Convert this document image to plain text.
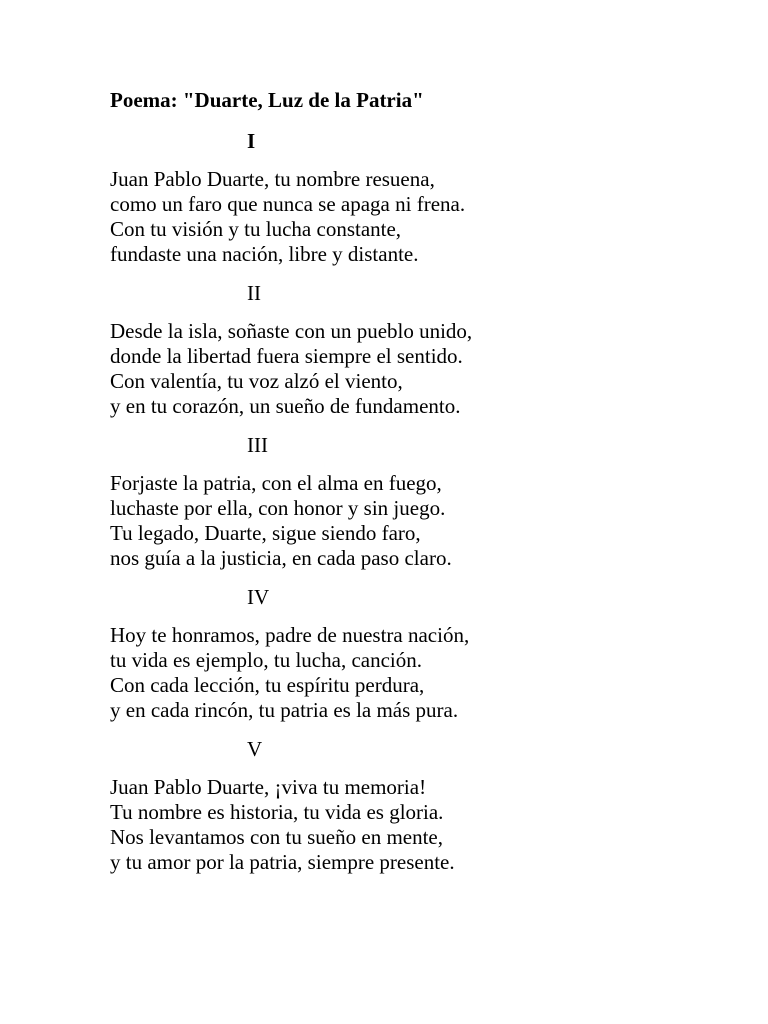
Poema: "Duarte, Luz de la Patria"

I

Juan Pablo Duarte, tu nombre resuena,
como un faro que nunca se apaga ni frena.
Con tu visión y tu lucha constante,
fundaste una nación, libre y distante.

II

Desde la isla, soñaste con un pueblo unido,
donde la libertad fuera siempre el sentido.
Con valentía, tu voz alzó el viento,
y en tu corazón, un sueño de fundamento.

III

Forjaste la patria, con el alma en fuego,
luchaste por ella, con honor y sin juego.
Tu legado, Duarte, sigue siendo faro,
nos guía a la justicia, en cada paso claro.

IV

Hoy te honramos, padre de nuestra nación,
tu vida es ejemplo, tu lucha, canción.
Con cada lección, tu espíritu perdura,
y en cada rincón, tu patria es la más pura.

V

Juan Pablo Duarte, ¡viva tu memoria!
Tu nombre es historia, tu vida es gloria.
Nos levantamos con tu sueño en mente,
y tu amor por la patria, siempre presente.
